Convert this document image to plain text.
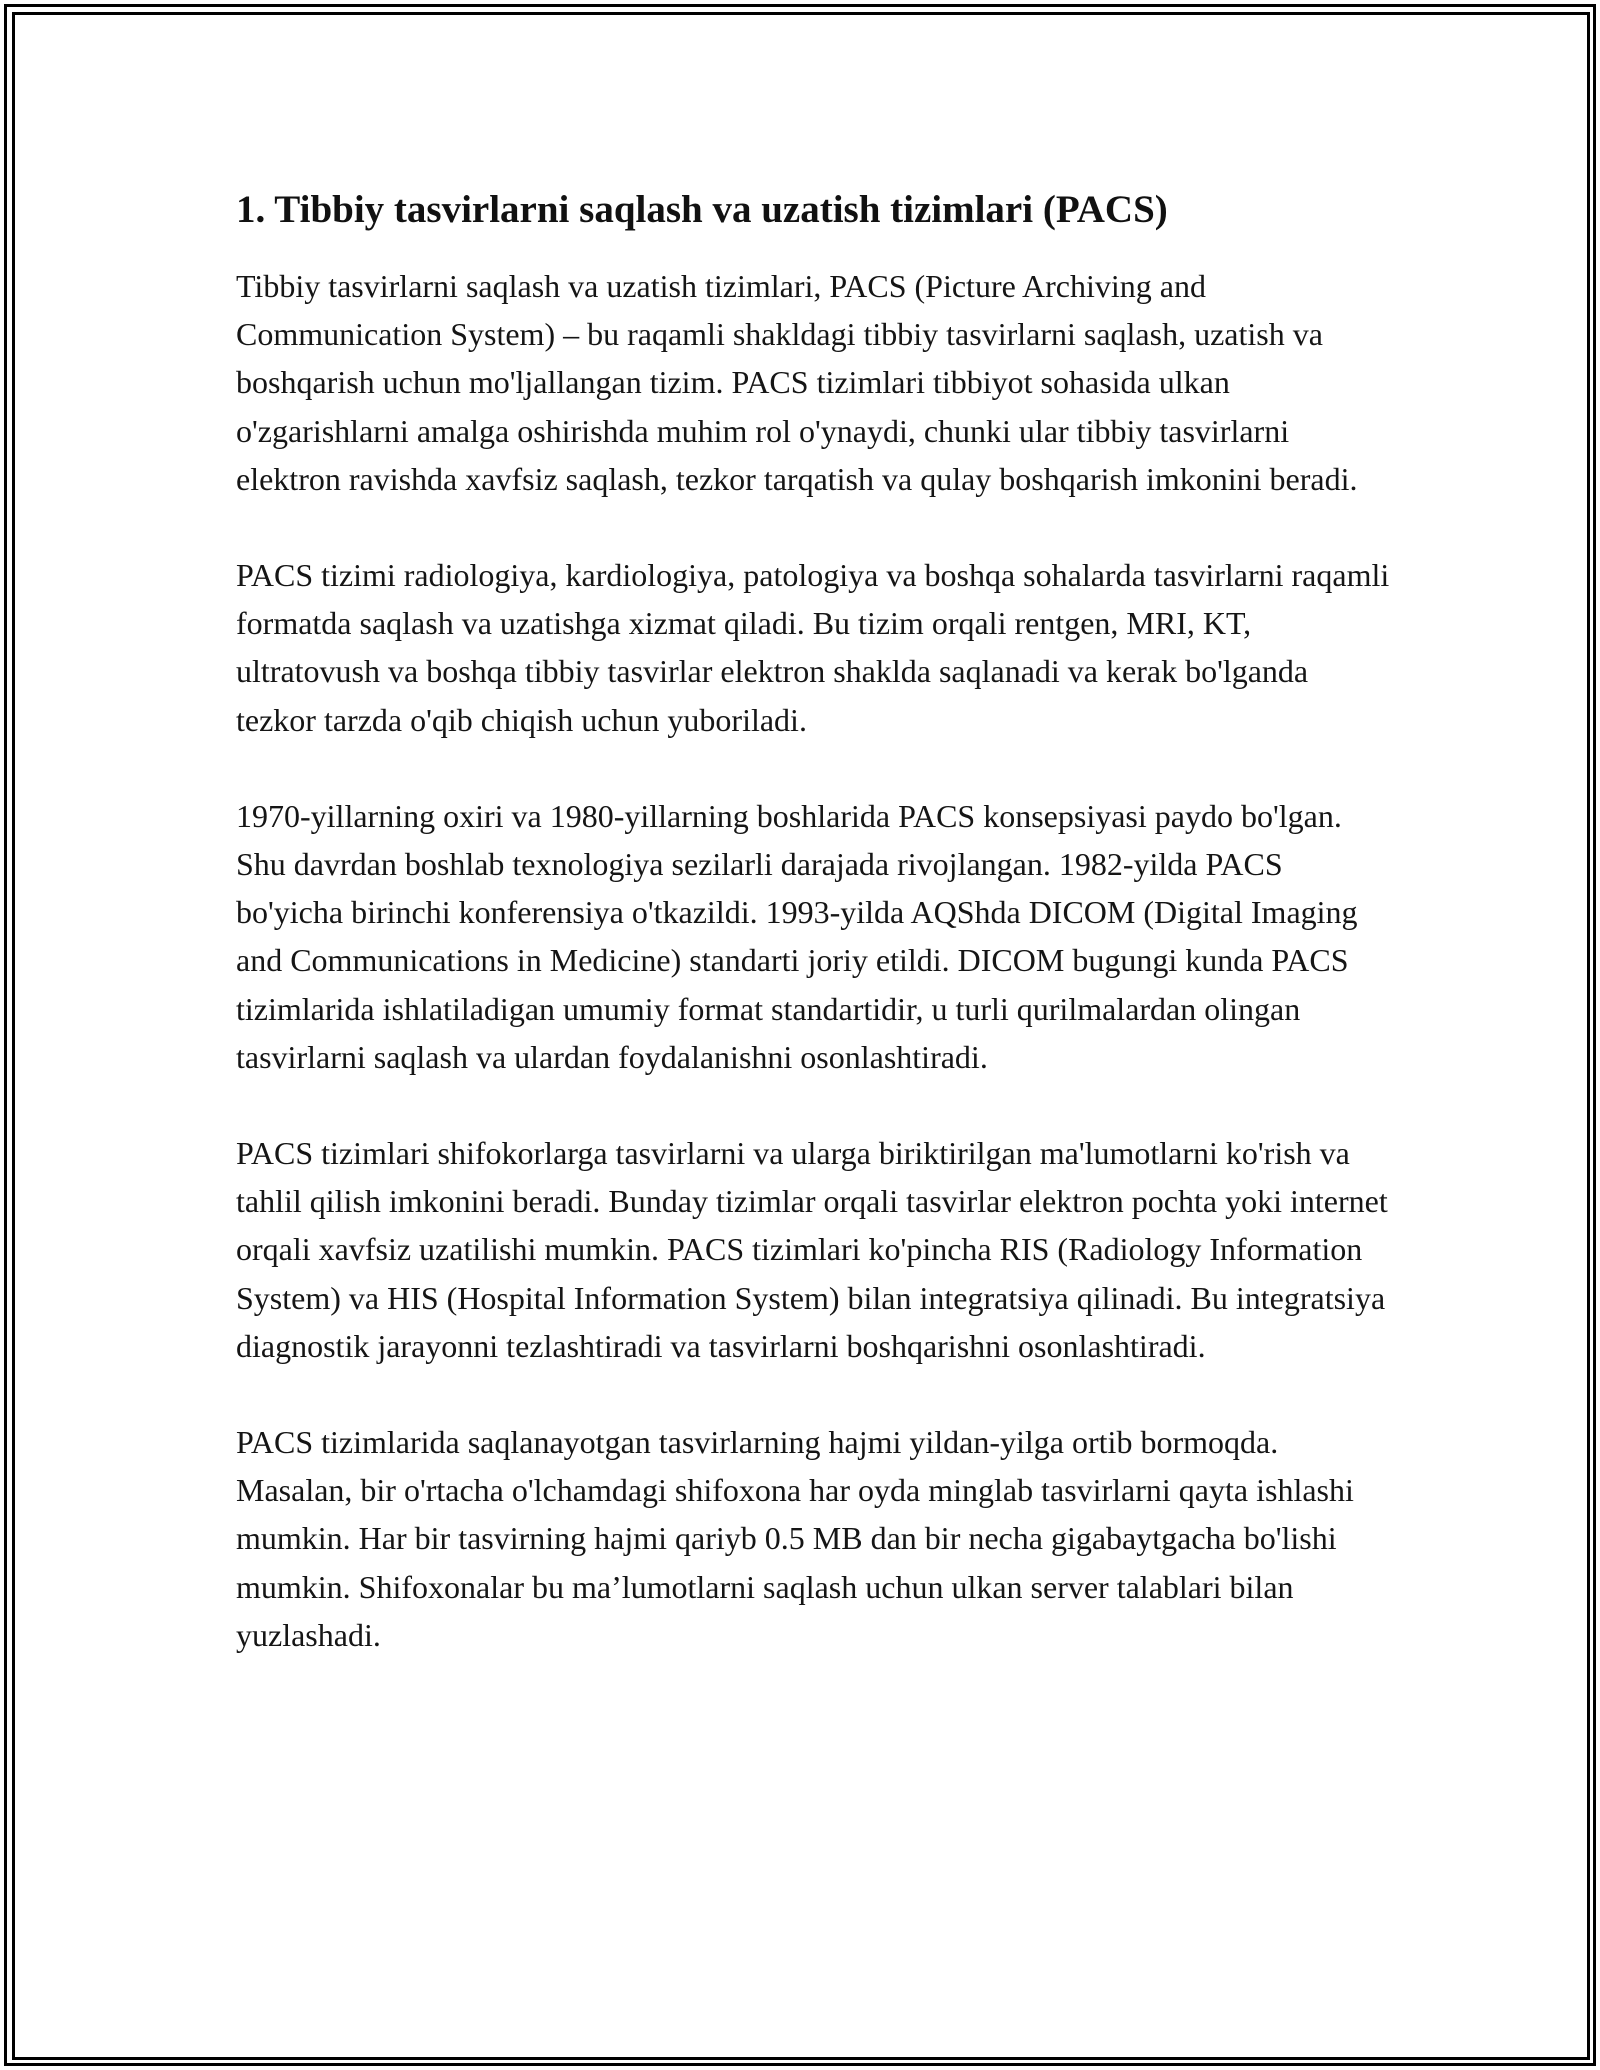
1. Tibbiy tasvirlarni saqlash va uzatish tizimlari (PACS)

Tibbiy tasvirlarni saqlash va uzatish tizimlari, PACS (Picture Archiving and Communication System) – bu raqamli shakldagi tibbiy tasvirlarni saqlash, uzatish va boshqarish uchun mo'ljallangan tizim. PACS tizimlari tibbiyot sohasida ulkan o'zgarishlarni amalga oshirishda muhim rol o'ynaydi, chunki ular tibbiy tasvirlarni elektron ravishda xavfsiz saqlash, tezkor tarqatish va qulay boshqarish imkonini beradi.

PACS tizimi radiologiya, kardiologiya, patologiya va boshqa sohalarda tasvirlarni raqamli formatda saqlash va uzatishga xizmat qiladi. Bu tizim orqali rentgen, MRI, KT, ultratovush va boshqa tibbiy tasvirlar elektron shaklda saqlanadi va kerak bo'lganda tezkor tarzda o'qib chiqish uchun yuboriladi.

1970-yillarning oxiri va 1980-yillarning boshlarida PACS konsepsiyasi paydo bo'lgan. Shu davrdan boshlab texnologiya sezilarli darajada rivojlangan. 1982-yilda PACS bo'yicha birinchi konferensiya o'tkazildi. 1993-yilda AQShda DICOM (Digital Imaging and Communications in Medicine) standarti joriy etildi. DICOM bugungi kunda PACS tizimlarida ishlatiladigan umumiy format standartidir, u turli qurilmalardan olingan tasvirlarni saqlash va ulardan foydalanishni osonlashtiradi.

PACS tizimlari shifokorlarga tasvirlarni va ularga biriktirilgan ma'lumotlarni ko'rish va tahlil qilish imkonini beradi. Bunday tizimlar orqali tasvirlar elektron pochta yoki internet orqali xavfsiz uzatilishi mumkin. PACS tizimlari ko'pincha RIS (Radiology Information System) va HIS (Hospital Information System) bilan integratsiya qilinadi. Bu integratsiya diagnostik jarayonni tezlashtiradi va tasvirlarni boshqarishni osonlashtiradi.

PACS tizimlarida saqlanayotgan tasvirlarning hajmi yildan-yilga ortib bormoqda. Masalan, bir o'rtacha o'lchamdagi shifoxona har oyda minglab tasvirlarni qayta ishlashi mumkin. Har bir tasvirning hajmi qariyb 0.5 MB dan bir necha gigabaytgacha bo'lishi mumkin. Shifoxonalar bu ma’lumotlarni saqlash uchun ulkan server talablari bilan yuzlashadi.
